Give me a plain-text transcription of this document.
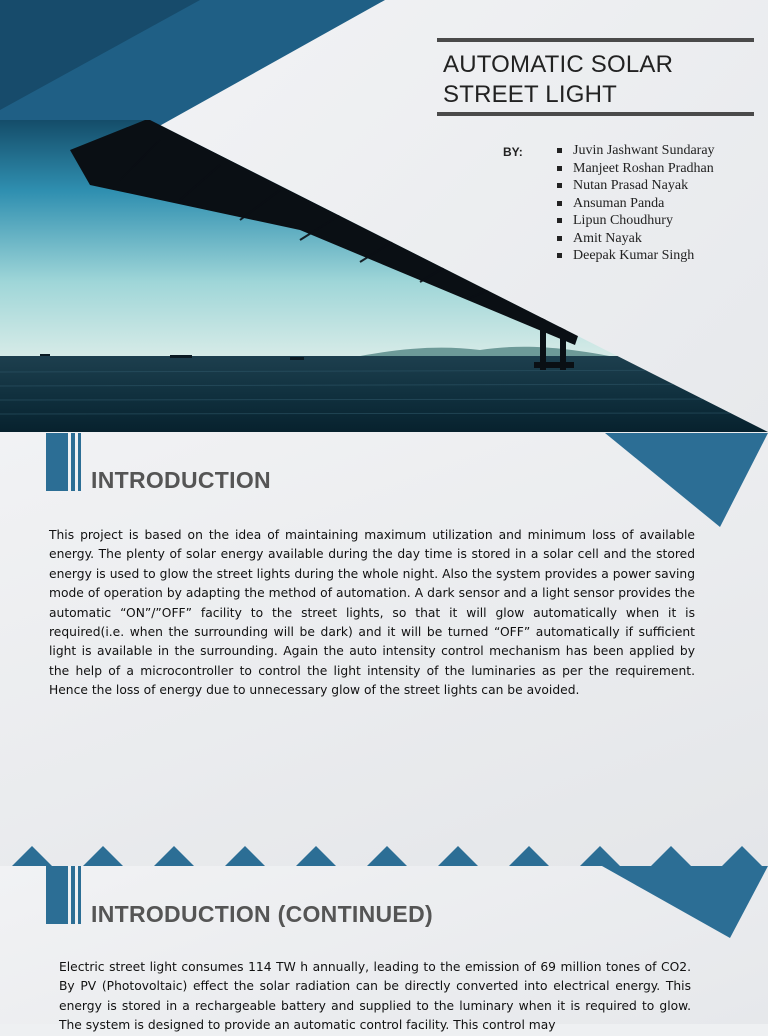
AUTOMATIC SOLAR
STREET LIGHT
BY:	Juvin Jashwant Sundaray
Manjeet Roshan Pradhan
Nutan Prasad Nayak
Ansuman Panda
Lipun Choudhury
Amit Nayak
Deepak Kumar Singh
INTRODUCTION
This project is based on the idea of maintaining maximum utilization and minimum loss of available energy. The plenty of solar energy available during the day time is stored in a solar cell and the stored energy is used to glow the street lights during the whole night. Also the system provides a power saving mode of operation by adapting the method of automation. A dark sensor and a light sensor provides the automatic “ON”/”OFF” facility to the street lights, so that it will glow automatically when it is required(i.e. when the surrounding will be dark) and it will be turned “OFF” automatically if sufficient light is available in the surrounding. Again the auto intensity control mechanism has been applied by the help of a microcontroller to control the light intensity of the luminaries as per the requirement. Hence the loss of energy due to unnecessary glow of the street lights can be avoided.
INTRODUCTION (CONTINUED)
Electric street light consumes 114 TW h annually, leading to the emission of 69 million tones of CO2. By PV (Photovoltaic) effect the solar radiation can be directly converted into electrical energy. This energy is stored in a rechargeable battery and supplied to the luminary when it is required to glow. The system is designed to provide an automatic control facility. This control may
